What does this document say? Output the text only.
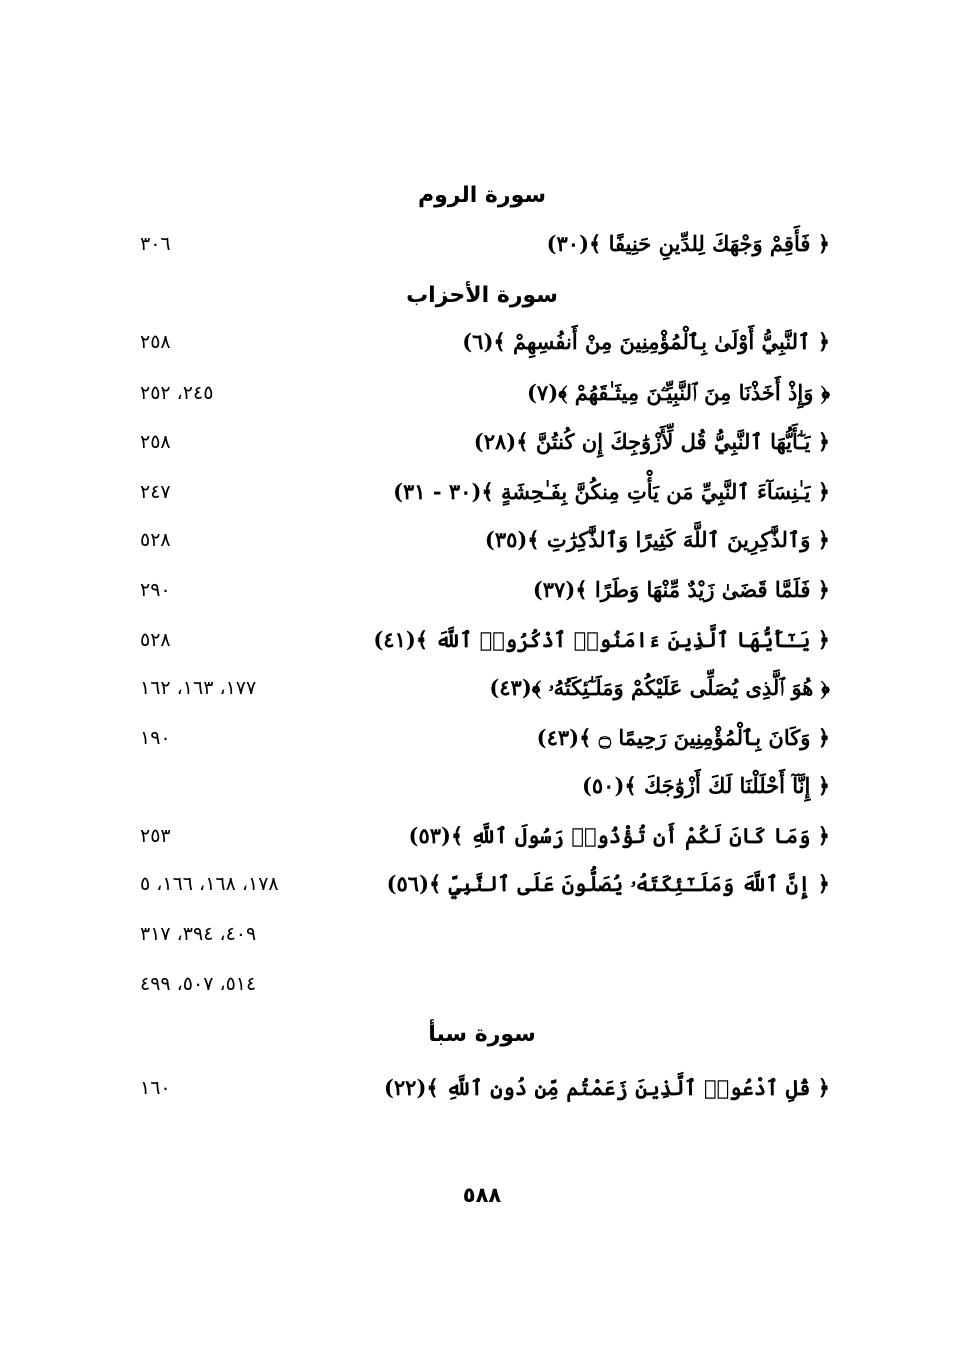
سورة الروم
﴿ فَأَقِمْ وَجْهَكَ لِلدِّينِ حَنِيفًا ﴾(٣٠)
٣٠٦
سورة الأحزاب
﴿ ٱلنَّبِيُّ أَوْلَىٰ بِٱلْمُؤْمِنِينَ مِنْ أَنفُسِهِمْ ﴾(٦)
٢٥٨
﴿ وَإِذْ أَخَذْنَا مِنَ ٱلنَّبِيِّـۧنَ مِيثَـٰقَهُمْ ﴾(٧)
٢٤٥، ٢٥٢
﴿ يَـٰٓأَيُّهَا ٱلنَّبِيُّ قُل لِّأَزْوَٰجِكَ إِن كُنتُنَّ ﴾(٢٨)
٢٥٨
﴿ يَـٰنِسَآءَ ٱلنَّبِيِّ مَن يَأْتِ مِنكُنَّ بِفَـٰحِشَةٍ ﴾(٣٠ - ٣١)
٢٤٧
﴿ وَٱلذَّٰكِرِينَ ٱللَّهَ كَثِيرًا وَٱلذَّٰكِرَٰتِ ﴾(٣٥)
٥٢٨
﴿ فَلَمَّا قَضَىٰ زَيْدٌ مِّنْهَا وَطَرًا ﴾(٣٧)
٢٩٠
﴿ يَـٰٓأَيُّهَا ٱلَّذِينَ ءَامَنُوا۟ ٱذْكُرُوا۟ ٱللَّهَ ﴾(٤١)
٥٢٨
﴿ هُوَ ٱلَّذِى يُصَلِّى عَلَيْكُمْ وَمَلَـٰٓئِكَتُهُۥ ﴾(٤٣)
١٧٧، ١٦٣، ١٦٢
﴿ وَكَانَ بِٱلْمُؤْمِنِينَ رَحِيمًا ۝ ﴾(٤٣)
١٩٠
﴿ إِنَّآ أَحْلَلْنَا لَكَ أَزْوَٰجَكَ ﴾(٥٠)
﴿ وَمَا كَانَ لَكُمْ أَن تُؤْذُوا۟ رَسُولَ ٱللَّهِ ﴾(٥٣)
٢٥٣
﴿ إِنَّ ٱللَّهَ وَمَلَـٰٓئِكَتَهُۥ يُصَلُّونَ عَلَى ٱلنَّبِيِّ ﴾(٥٦)
١٧٨، ١٦٨، ١٦٦، ٥
٤٠٩، ٣٩٤، ٣١٧
٥١٤، ٥٠٧، ٤٩٩
سورة سبأ
﴿ قُلِ ٱدْعُوا۟ ٱلَّذِينَ زَعَمْتُم مِّن دُونِ ٱللَّهِ ﴾(٢٢)
١٦٠
٥٨٨
